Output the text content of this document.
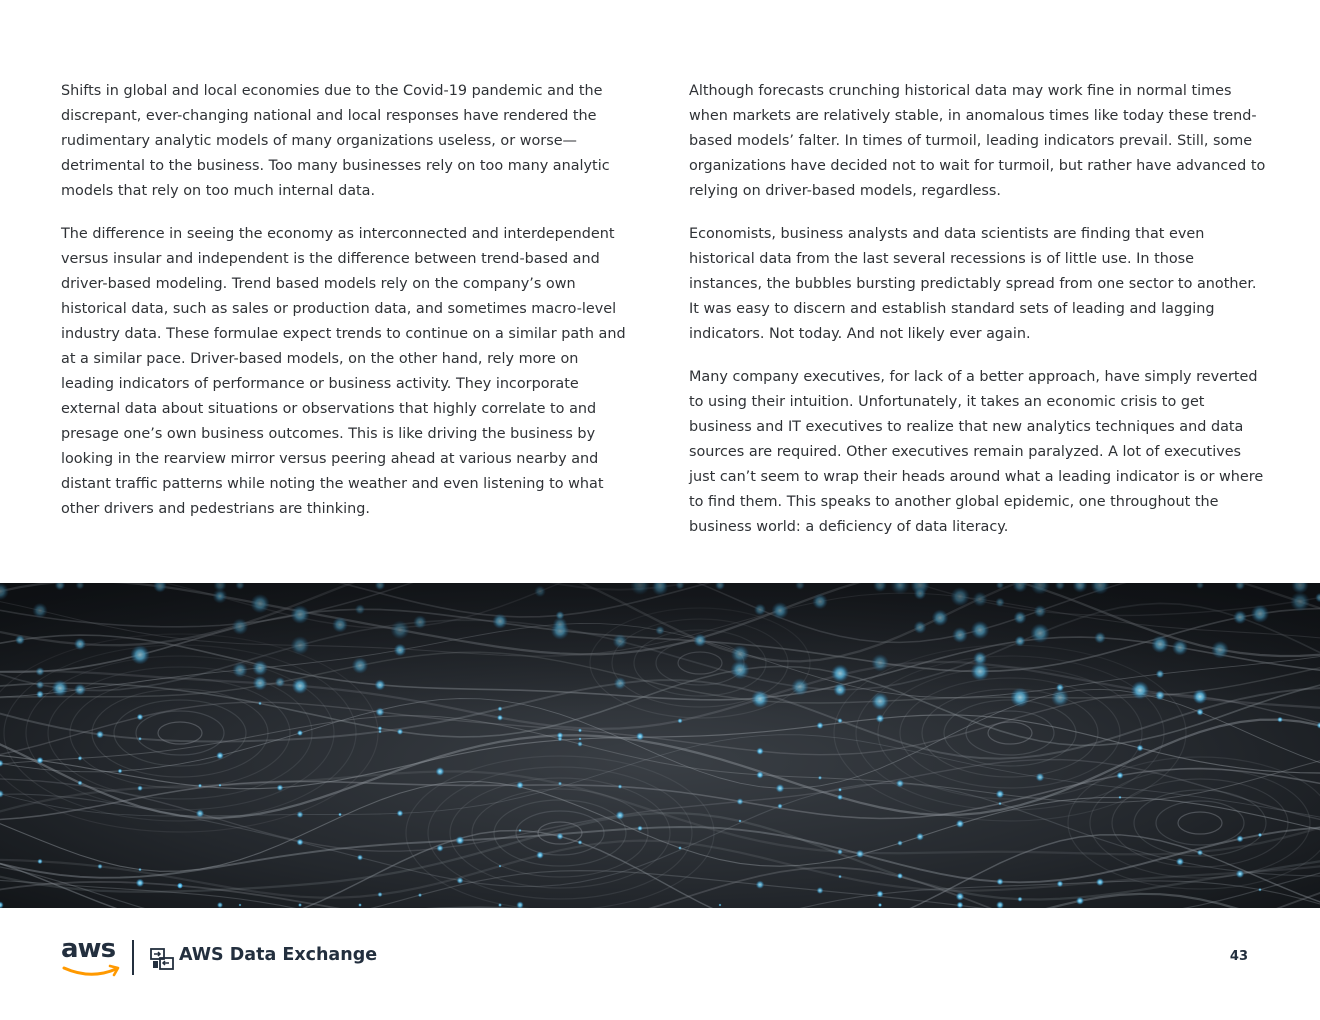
Shifts in global and local economies due to the Covid-19 pandemic and the discrepant, ever-changing national and local responses have rendered the rudimentary analytic models of many organizations useless, or worse—detrimental to the business. Too many businesses rely on too many analytic models that rely on too much internal data.

The difference in seeing the economy as interconnected and interdependent versus insular and independent is the difference between trend-based and driver-based modeling. Trend based models rely on the company’s own historical data, such as sales or production data, and sometimes macro-level industry data. These formulae expect trends to continue on a similar path and at a similar pace. Driver-based models, on the other hand, rely more on leading indicators of performance or business activity. They incorporate external data about situations or observations that highly correlate to and presage one’s own business outcomes. This is like driving the business by looking in the rearview mirror versus peering ahead at various nearby and distant traffic patterns while noting the weather and even listening to what other drivers and pedestrians are thinking.

Although forecasts crunching historical data may work fine in normal times when markets are relatively stable, in anomalous times like today these trend-based models’ falter. In times of turmoil, leading indicators prevail. Still, some organizations have decided not to wait for turmoil, but rather have advanced to relying on driver-based models, regardless.

Economists, business analysts and data scientists are finding that even historical data from the last several recessions is of little use. In those instances, the bubbles bursting predictably spread from one sector to another. It was easy to discern and establish standard sets of leading and lagging indicators. Not today. And not likely ever again.

Many company executives, for lack of a better approach, have simply reverted to using their intuition. Unfortunately, it takes an economic crisis to get business and IT executives to realize that new analytics techniques and data sources are required. Other executives remain paralyzed. A lot of executives just can’t seem to wrap their heads around what a leading indicator is or where to find them. This speaks to another global epidemic, one throughout the business world: a deficiency of data literacy.

aws	AWS Data Exchange	43
